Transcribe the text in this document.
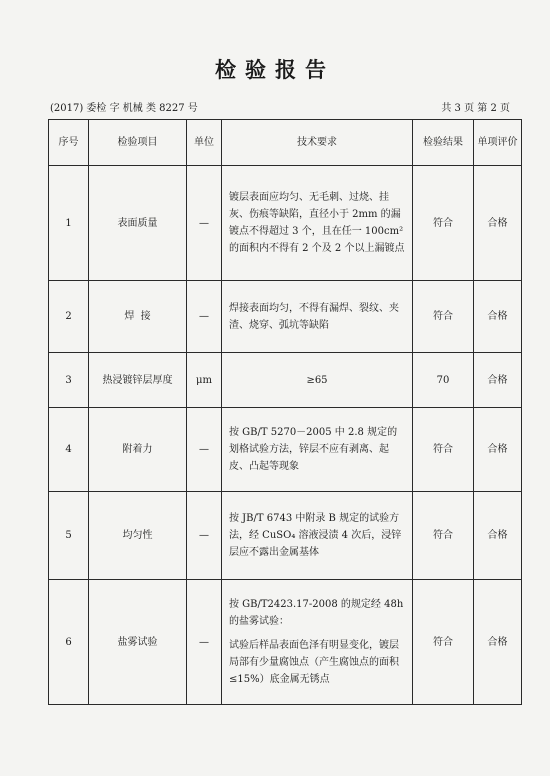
检验报告
(2017) 委检 字 机械 类 8227 号	共 3 页 第 2 页
序号	检验项目	单位	技术要求	检验结果	单项评价
1	表面质量	—	镀层表面应均匀、无毛刺、过烧、挂灰、伤痕等缺陷，直径小于 2mm 的漏镀点不得超过 3 个，且在任一 100cm² 的面积内不得有 2 个及 2 个以上漏镀点	符合	合格
2	焊  接	—	焊接表面均匀，不得有漏焊、裂纹、夹渣、烧穿、弧坑等缺陷	符合	合格
3	热浸镀锌层厚度	μm	≥65	70	合格
4	附着力	—	按 GB/T 5270－2005 中 2.8 规定的划格试验方法，锌层不应有剥离、起皮、凸起等现象	符合	合格
5	均匀性	—	按 JB/T 6743 中附录 B 规定的试验方法，经 CuSO₄ 溶液浸渍 4 次后，浸锌层应不露出金属基体	符合	合格
6	盐雾试验	—	按 GB/T2423.17-2008 的规定经 48h 的盐雾试验：

试验后样品表面色泽有明显变化，镀层局部有少量腐蚀点（产生腐蚀点的面积≤15%）底金属无锈点	符合	合格
